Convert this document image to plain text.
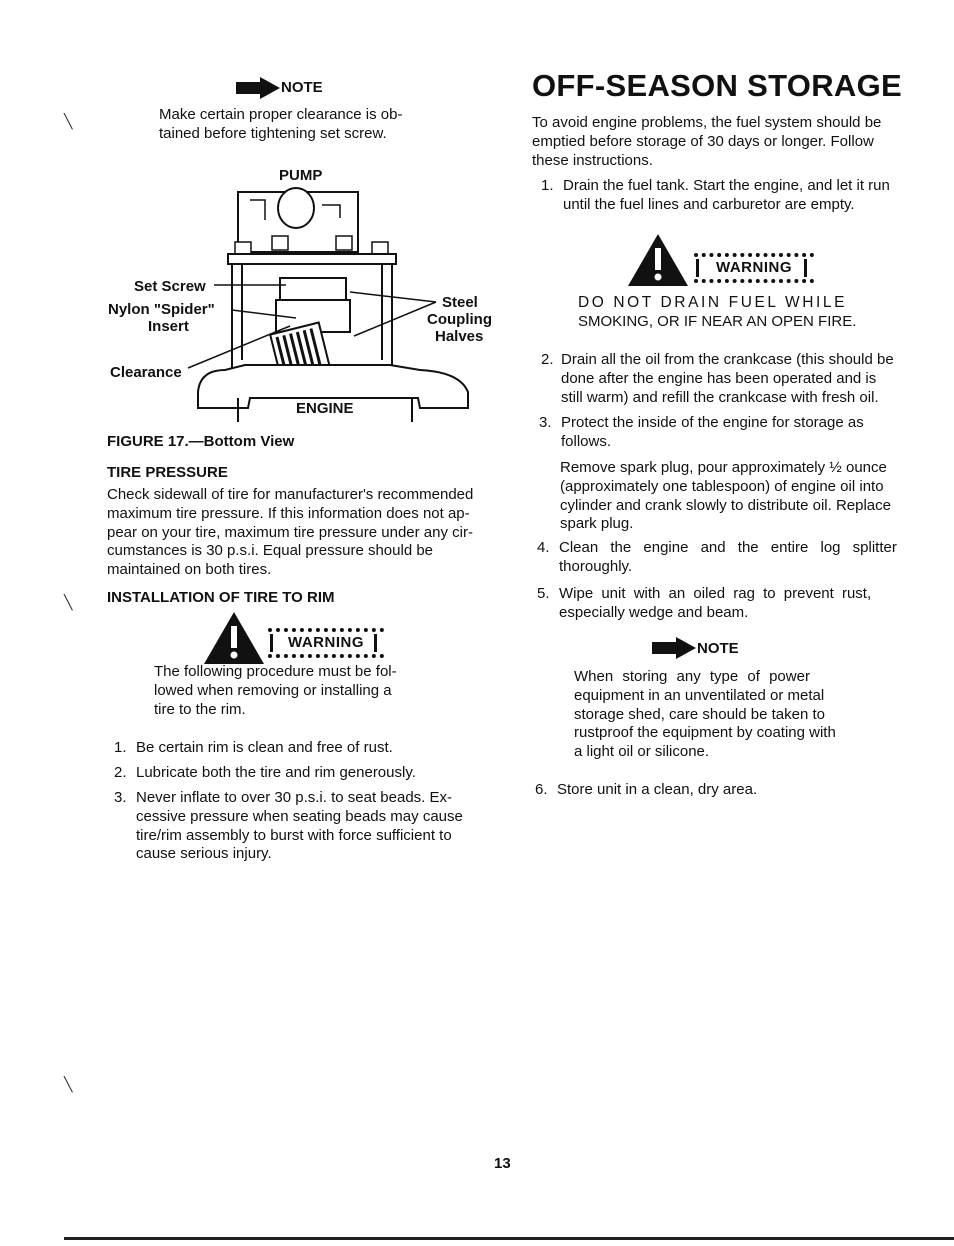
NOTE
Make certain proper clearance is ob-
tained before tightening set screw.
╲
PUMP
Set Screw
Nylon "Spider"
Insert
Clearance
Steel
Coupling
Halves
ENGINE
FIGURE 17.—Bottom View
TIRE PRESSURE
Check sidewall of tire for manufacturer's recommended
maximum tire pressure. If this information does not ap-
pear on your tire, maximum tire pressure under any cir-
cumstances is 30 p.s.i. Equal pressure should be
maintained on both tires.
╲ INSTALLATION OF TIRE TO RIM
WARNING
The following procedure must be fol-
lowed when removing or installing a
tire to the rim.
1. Be certain rim is clean and free of rust.
2. Lubricate both the tire and rim generously.
3. Never inflate to over 30 p.s.i. to seat beads. Ex-
cessive pressure when seating beads may cause
tire/rim assembly to burst with force sufficient to
cause serious injury.
╲
OFF-SEASON STORAGE
To avoid engine problems, the fuel system should be
emptied before storage of 30 days or longer. Follow
these instructions.
1. Drain the fuel tank. Start the engine, and let it run
until the fuel lines and carburetor are empty.
WARNING
DO NOT DRAIN FUEL WHILE
SMOKING, OR IF NEAR AN OPEN FIRE.
2. Drain all the oil from the crankcase (this should be
done after the engine has been operated and is
still warm) and refill the crankcase with fresh oil.
3. Protect the inside of the engine for storage as
follows.
Remove spark plug, pour approximately ½ ounce
(approximately one tablespoon) of engine oil into
cylinder and crank slowly to distribute oil. Replace
spark plug.
4. Clean the engine and the entire log splitter
thoroughly.
5. Wipe unit with an oiled rag to prevent rust,
especially wedge and beam.
NOTE
When storing any type of power
equipment in an unventilated or metal
storage shed, care should be taken to
rustproof the equipment by coating with
a light oil or silicone.
6. Store unit in a clean, dry area.
13
